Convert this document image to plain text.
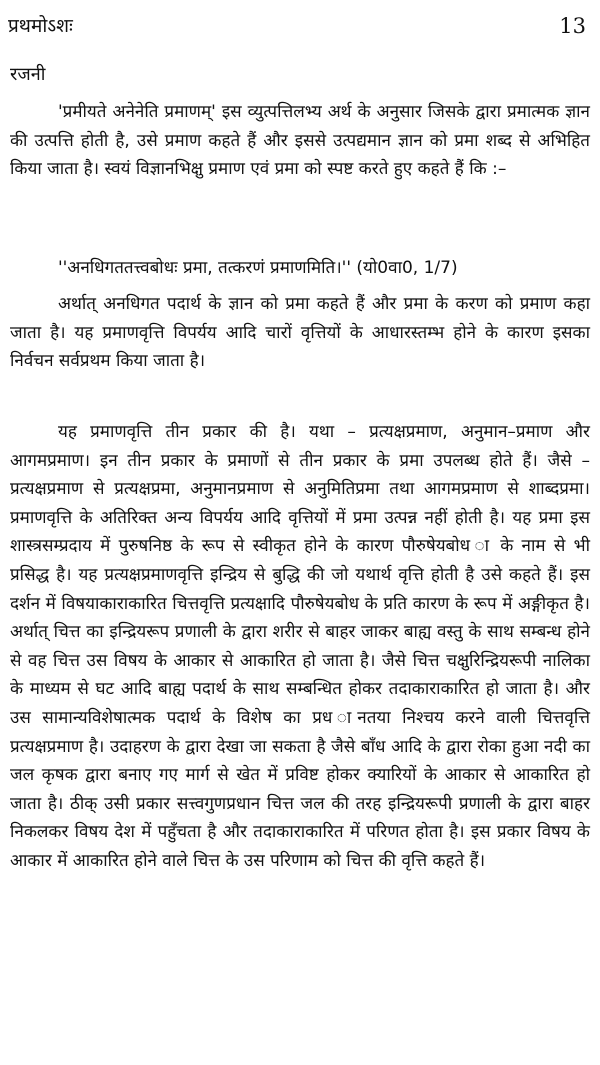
प्रथमोऽशः	13
रजनी

'प्रमीयते अनेनेति प्रमाणम्' इस व्युत्पत्तिलभ्य अर्थ के अनुसार जिसके द्वारा प्रमात्मक ज्ञान की उत्पत्ति होती है, उसे प्रमाण कहते हैं और इससे उत्पद्यमान ज्ञान को प्रमा शब्द से अभिहित किया जाता है। स्वयं विज्ञानभिक्षु प्रमाण एवं प्रमा को स्पष्ट करते हुए कहते हैं कि :–

''अनधिगततत्त्वबोधः प्रमा, तत्करणं प्रमाणमिति।'' (यो0वा0, 1/7)

अर्थात् अनधिगत पदार्थ के ज्ञान को प्रमा कहते हैं और प्रमा के करण को प्रमाण कहा जाता है। यह प्रमाणवृत्ति विपर्यय आदि चारों वृत्तियों के आधारस्तम्भ होने के कारण इसका निर्वचन सर्वप्रथम किया जाता है।

यह प्रमाणवृत्ति तीन प्रकार की है। यथा – प्रत्यक्षप्रमाण, अनुमान–प्रमाण और आगमप्रमाण। इन तीन प्रकार के प्रमाणों से तीन प्रकार के प्रमा उपलब्ध होते हैं। जैसे – प्रत्यक्षप्रमाण से प्रत्यक्षप्रमा, अनुमानप्रमाण से अनुमितिप्रमा तथा आगमप्रमाण से शाब्दप्रमा। प्रमाणवृत्ति के अतिरिक्त अन्य विपर्यय आदि वृत्तियों में प्रमा उत्पन्न नहीं होती है। यह प्रमा इस शास्त्रसम्प्रदाय में पुरुषनिष्ठ के रूप से स्वीकृत होने के कारण पौरुषेयबोध ा के नाम से भी प्रसिद्ध है। यह प्रत्यक्षप्रमाणवृत्ति इन्द्रिय से बुद्धि की जो यथार्थ वृत्ति होती है उसे कहते हैं। इस दर्शन में विषयाकाराकारित चित्तवृत्ति प्रत्यक्षादि पौरुषेयबोध के प्रति कारण के रूप में अङ्गीकृत है। अर्थात् चित्त का इन्द्रियरूप प्रणाली के द्वारा शरीर से बाहर जाकर बाह्य वस्तु के साथ सम्बन्ध होने से वह चित्त उस विषय के आकार से आकारित हो जाता है। जैसे चित्त चक्षुरिन्द्रियरूपी नालिका के माध्यम से घट आदि बाह्य पदार्थ के साथ सम्बन्धित होकर तदाकाराकारित हो जाता है। और उस सामान्यविशेषात्मक पदार्थ के विशेष का प्रध ानतया निश्चय करने वाली चित्तवृत्ति प्रत्यक्षप्रमाण है। उदाहरण के द्वारा देखा जा सकता है जैसे बाँध आदि के द्वारा रोका हुआ नदी का जल कृषक द्वारा बनाए गए मार्ग से खेत में प्रविष्ट होकर क्यारियों के आकार से आकारित हो जाता है। ठीक् उसी प्रकार सत्त्वगुणप्रधान चित्त जल की तरह इन्द्रियरूपी प्रणाली के द्वारा बाहर निकलकर विषय देश में पहुँचता है और तदाकाराकारित में परिणत होता है। इस प्रकार विषय के आकार में आकारित होने वाले चित्त के उस परिणाम को चित्त की वृत्ति कहते हैं।
